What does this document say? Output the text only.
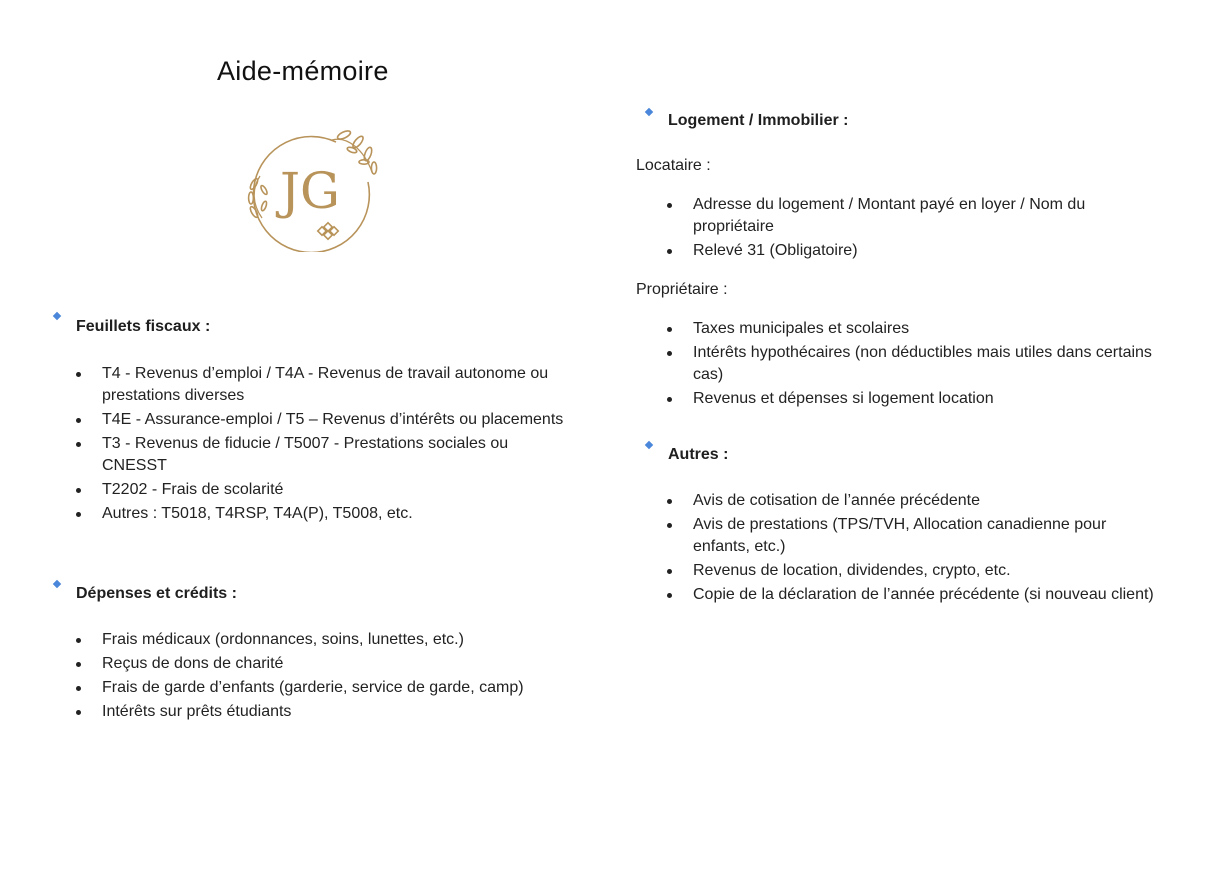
Aide-mémoire
JG
Feuillets fiscaux :
T4 - Revenus d’emploi / T4A - Revenus de travail autonome ou prestations diverses
T4E - Assurance-emploi / T5 – Revenus d’intérêts ou placements
T3 - Revenus de fiducie / T5007 - Prestations sociales ou CNESST
T2202 - Frais de scolarité
Autres : T5018, T4RSP, T4A(P), T5008, etc.
Dépenses et crédits :
Frais médicaux (ordonnances, soins, lunettes, etc.)
Reçus de dons de charité
Frais de garde d’enfants (garderie, service de garde, camp)
Intérêts sur prêts étudiants
Logement / Immobilier :

Locataire :

Adresse du logement / Montant payé en loyer / Nom du propriétaire
Relevé 31 (Obligatoire)

Propriétaire :

Taxes municipales et scolaires
Intérêts hypothécaires (non déductibles mais utiles dans certains cas)
Revenus et dépenses si logement location
Autres :
Avis de cotisation de l’année précédente
Avis de prestations (TPS/TVH, Allocation canadienne pour enfants, etc.)
Revenus de location, dividendes, crypto, etc.
Copie de la déclaration de l’année précédente (si nouveau client)
